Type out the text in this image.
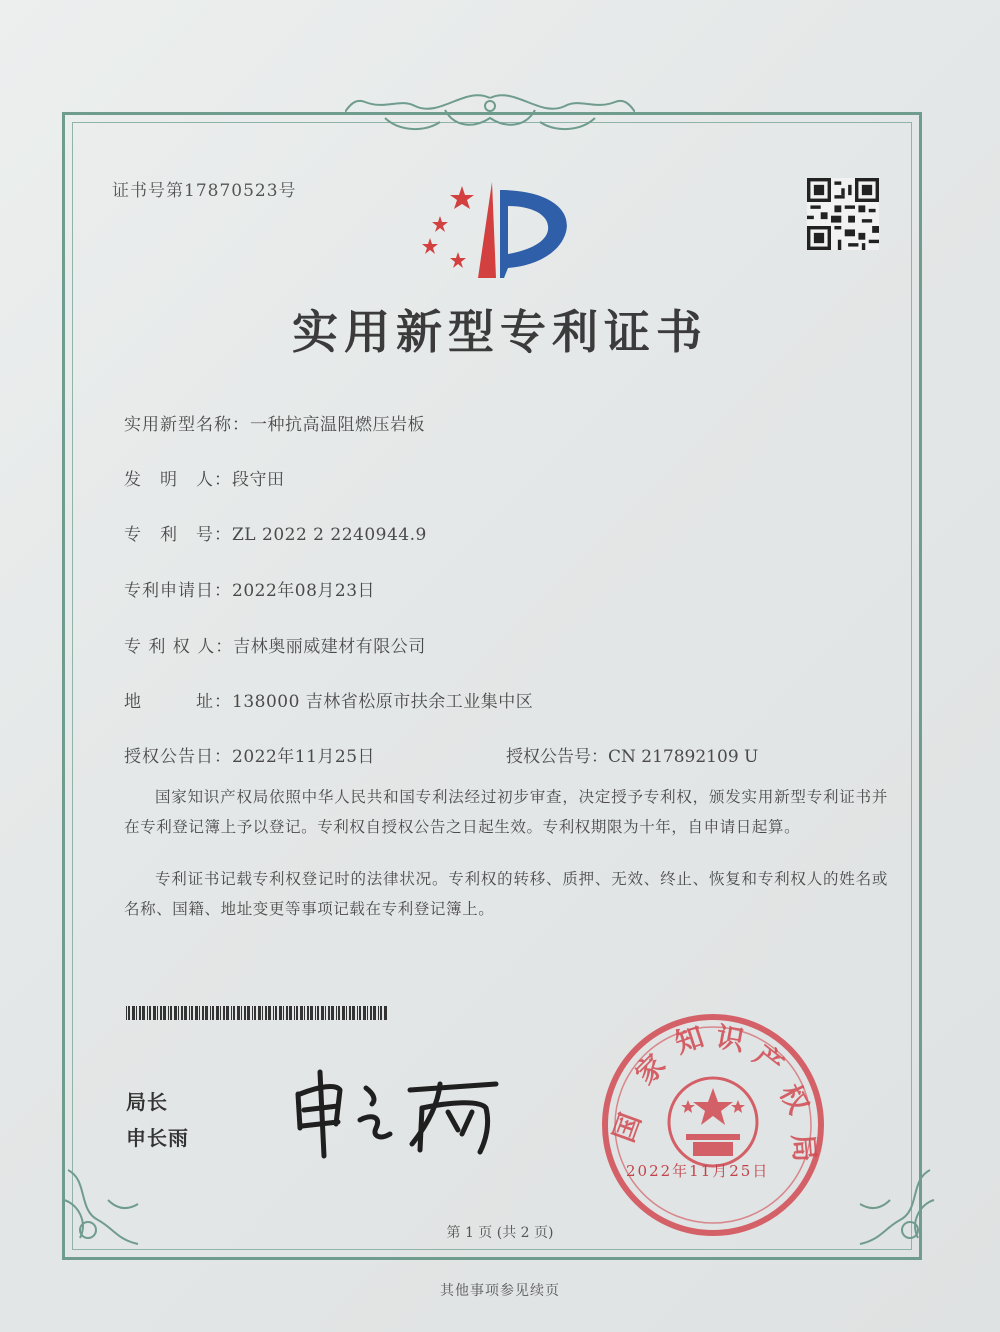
证书号第17870523号
实用新型专利证书
实用新型名称：一种抗高温阻燃压岩板
发　明　人：段守田
专　利　号：ZL 2022 2 2240944.9
专利申请日：2022年08月23日
专 利 权 人：吉林奥丽威建材有限公司
地　　　址：138000 吉林省松原市扶余工业集中区
授权公告日：2022年11月25日	授权公告号：CN 217892109 U
国家知识产权局依照中华人民共和国专利法经过初步审查，决定授予专利权，颁发实用新型专利证书并在专利登记簿上予以登记。专利权自授权公告之日起生效。专利权期限为十年，自申请日起算。
专利证书记载专利权登记时的法律状况。专利权的转移、质押、无效、终止、恢复和专利权人的姓名或名称、国籍、地址变更等事项记载在专利登记簿上。
局长
申长雨	国
家
知 识 产
权
局
2022年11月25日
第 1 页 (共 2 页)
其他事项参见续页
